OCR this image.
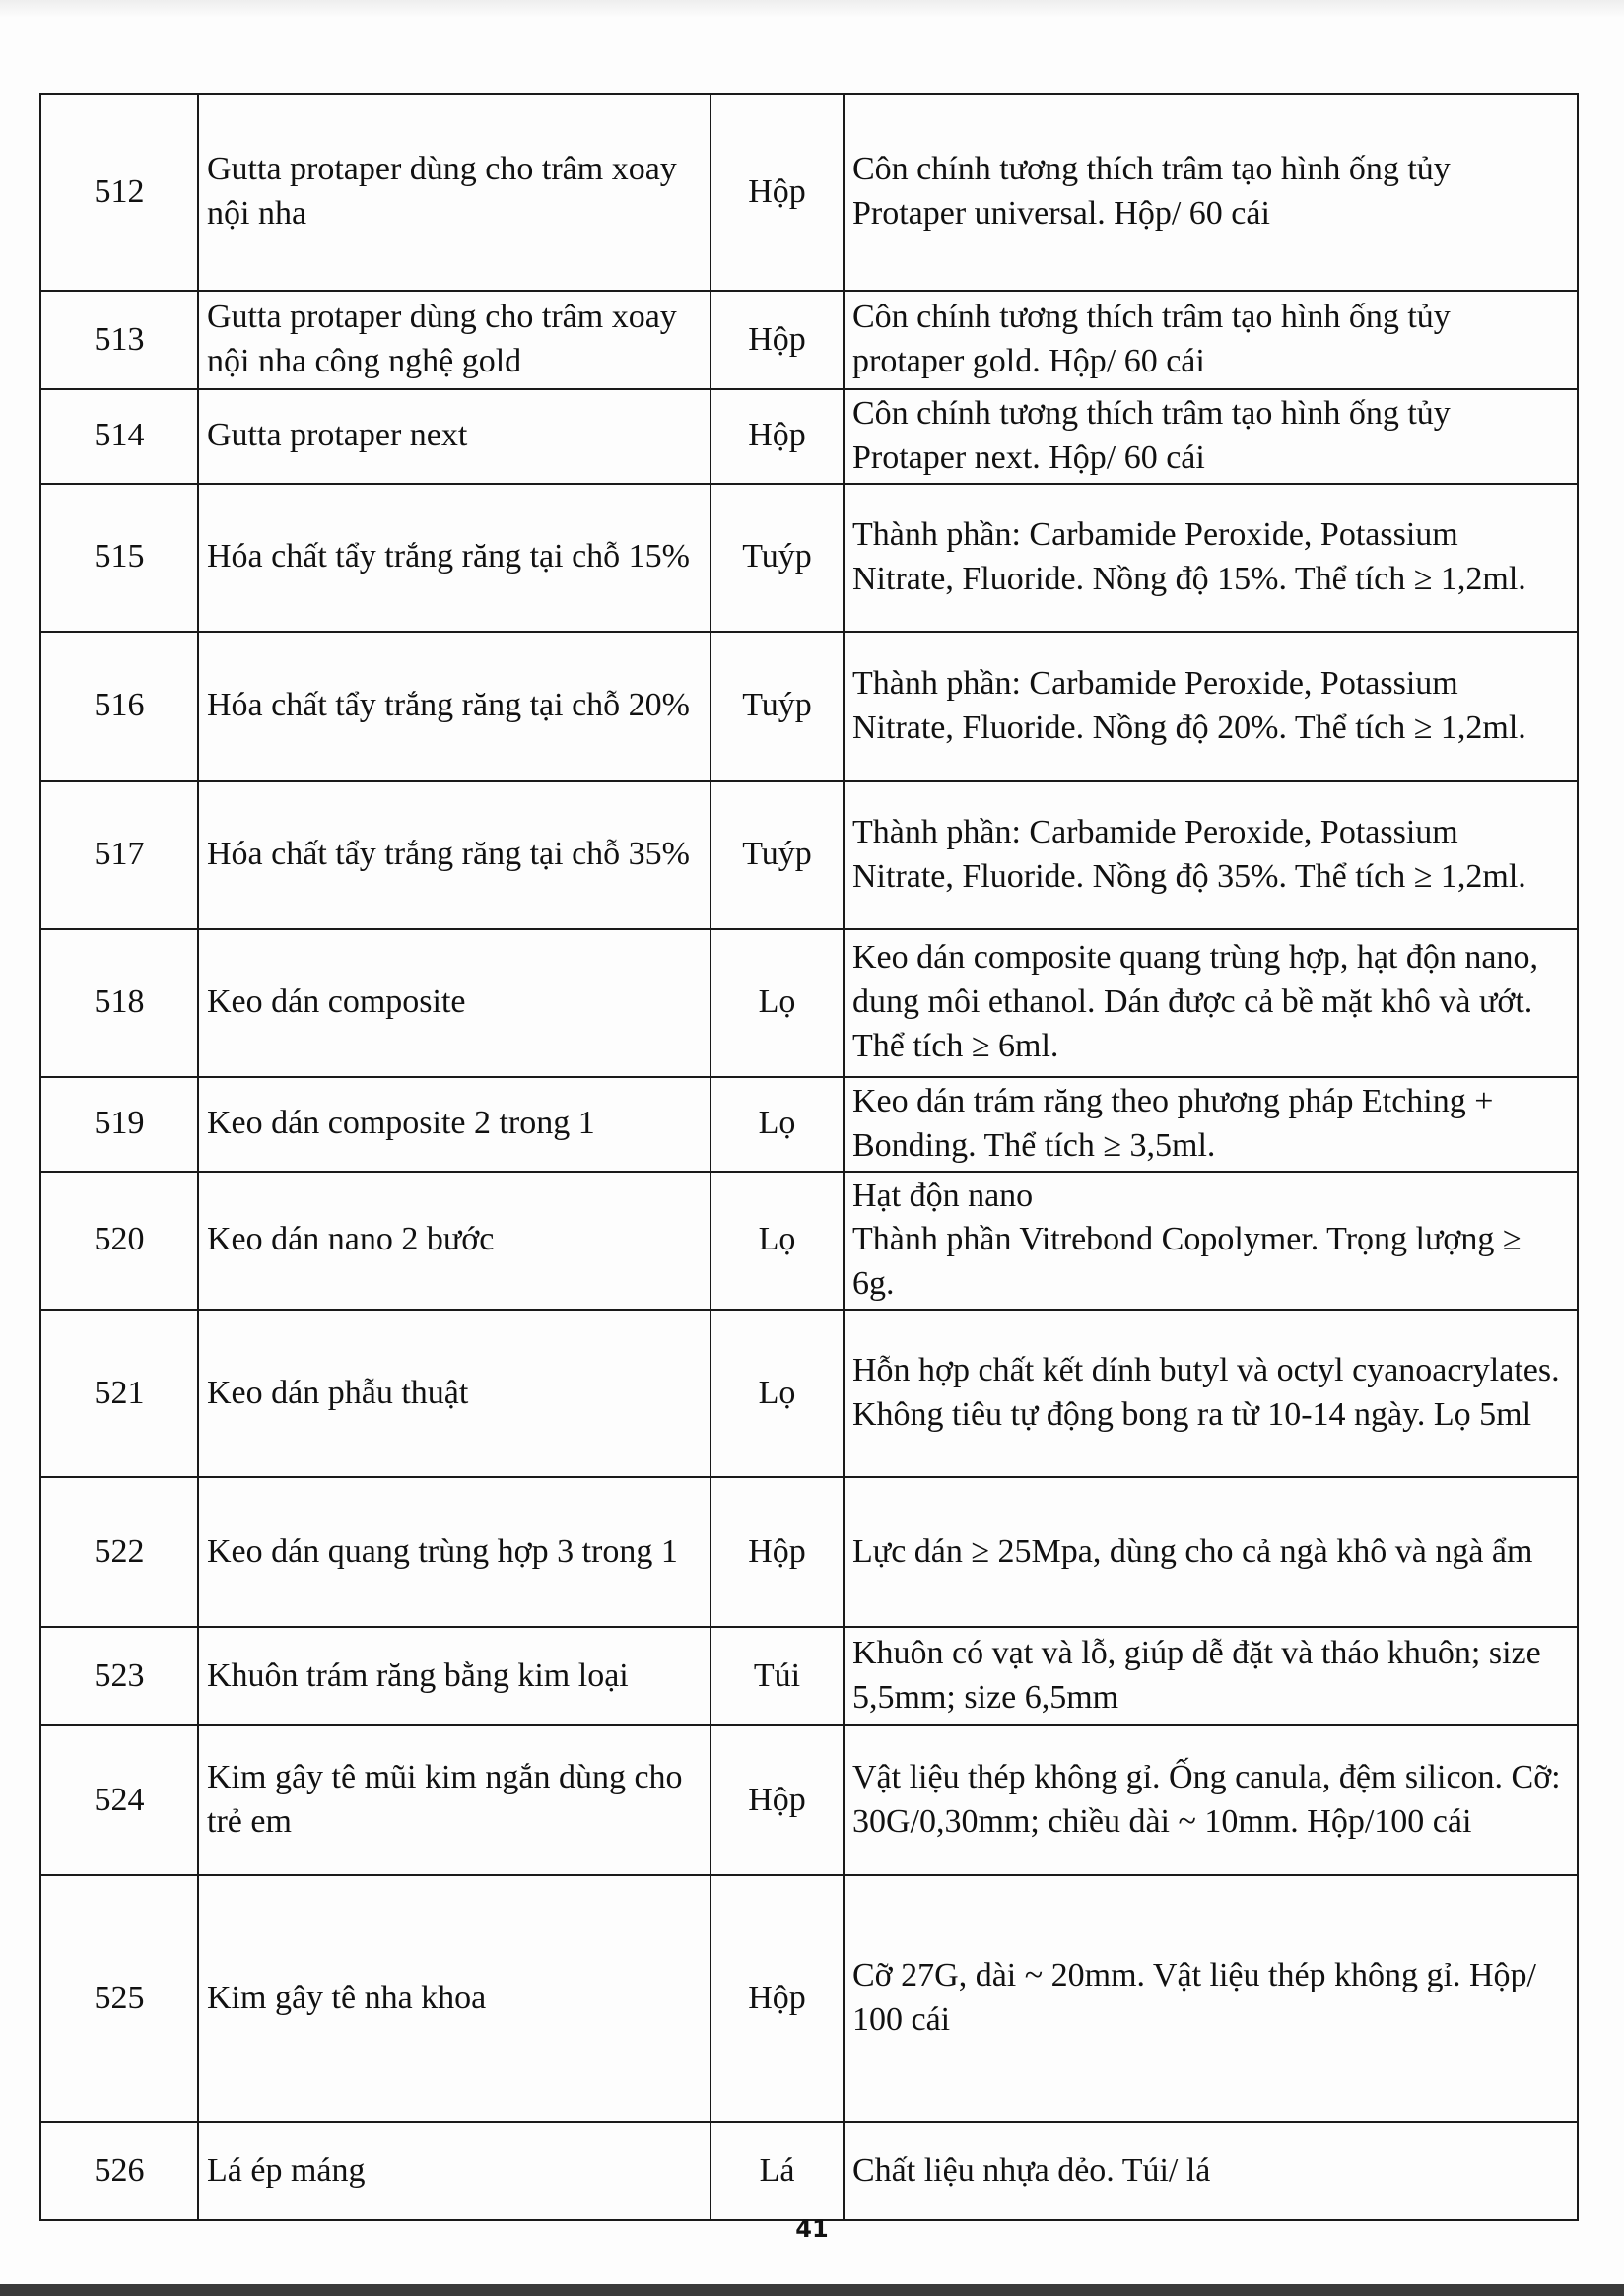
512	Gutta protaper dùng cho trâm xoay nội nha	Hộp	Côn chính tương thích trâm tạo hình ống tủy
Protaper universal. Hộp/ 60 cái

513	Gutta protaper dùng cho trâm xoay nội nha công nghệ gold	Hộp	Côn chính tương thích trâm tạo hình ống tủy
protaper gold. Hộp/ 60 cái

514	Gutta protaper next	Hộp	Côn chính tương thích trâm tạo hình ống tủy
Protaper next. Hộp/ 60 cái

515	Hóa chất tẩy trắng răng tại chỗ 15%	Tuýp	Thành phần: Carbamide Peroxide, Potassium
Nitrate, Fluoride. Nồng độ 15%. Thể tích ≥ 1,2ml.

516	Hóa chất tẩy trắng răng tại chỗ 20%	Tuýp	Thành phần: Carbamide Peroxide, Potassium
Nitrate, Fluoride. Nồng độ 20%. Thể tích ≥ 1,2ml.

517	Hóa chất tẩy trắng răng tại chỗ 35%	Tuýp	Thành phần: Carbamide Peroxide, Potassium
Nitrate, Fluoride. Nồng độ 35%. Thể tích ≥ 1,2ml.

518	Keo dán composite	Lọ	Keo dán composite quang trùng hợp, hạt độn nano,
dung môi ethanol. Dán được cả bề mặt khô và ướt.
Thể tích ≥ 6ml.

519	Keo dán composite 2 trong 1	Lọ	Keo dán trám răng theo phương pháp Etching +
Bonding. Thể tích ≥ 3,5ml.

520	Keo dán nano 2 bước	Lọ	Hạt độn nano
Thành phần Vitrebond Copolymer. Trọng lượng ≥ 6g.

521	Keo dán phẫu thuật	Lọ	Hỗn hợp chất kết dính butyl và octyl cyanoacrylates.
Không tiêu tự động bong ra từ 10-14 ngày. Lọ 5ml

522	Keo dán quang trùng hợp 3 trong 1	Hộp	Lực dán ≥ 25Mpa, dùng cho cả ngà khô và ngà ẩm

523	Khuôn trám răng bằng kim loại	Túi	Khuôn có vạt và lỗ, giúp dễ đặt và tháo khuôn; size
5,5mm; size 6,5mm

524	Kim gây tê mũi kim ngắn dùng cho trẻ em	Hộp	Vật liệu thép không gỉ. Ống canula, đệm silicon. Cỡ:
30G/0,30mm; chiều dài ~ 10mm. Hộp/100 cái

525	Kim gây tê nha khoa	Hộp	Cỡ 27G, dài ~ 20mm. Vật liệu thép không gỉ. Hộp/
100 cái

526	Lá ép máng	Lá	Chất liệu nhựa dẻo. Túi/ lá
41
